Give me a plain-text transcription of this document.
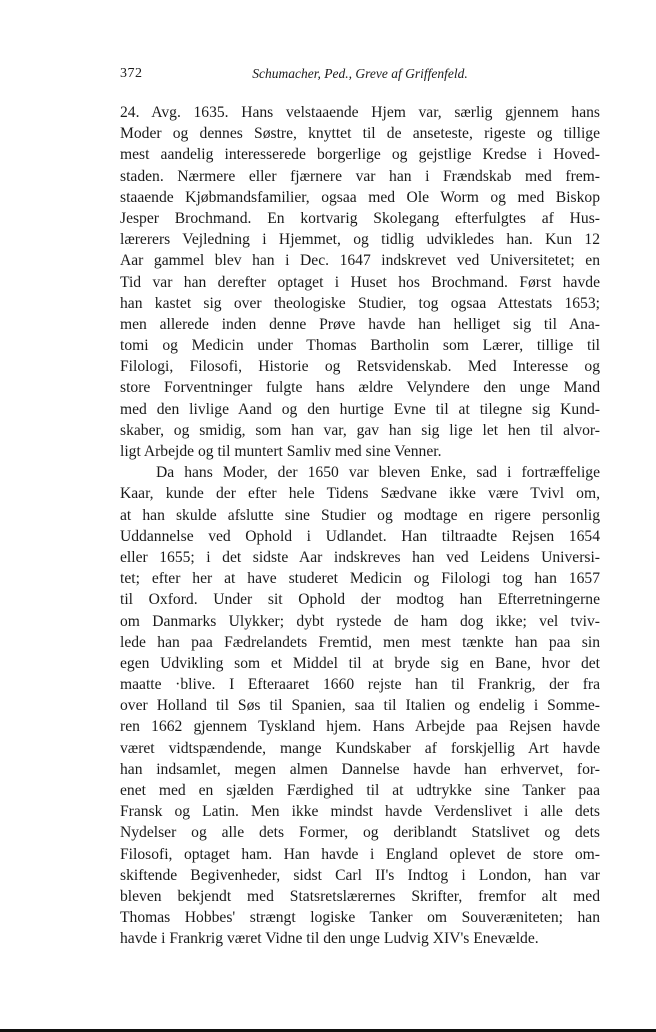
372	Schumacher, Ped., Greve af Griffenfeld.
24. Avg. 1635. Hans velstaaende Hjem var, særlig gjennem hans
Moder og dennes Søstre, knyttet til de anseteste, rigeste og tillige
mest aandelig interesserede borgerlige og gejstlige Kredse i Hoved-
staden. Nærmere eller fjærnere var han i Frændskab med frem-
staaende Kjøbmandsfamilier, ogsaa med Ole Worm og med Biskop
Jesper Brochmand. En kortvarig Skolegang efterfulgtes af Hus-
lærerers Vejledning i Hjemmet, og tidlig udvikledes han. Kun 12
Aar gammel blev han i Dec. 1647 indskrevet ved Universitetet; en
Tid var han derefter optaget i Huset hos Brochmand. Først havde
han kastet sig over theologiske Studier, tog ogsaa Attestats 1653;
men allerede inden denne Prøve havde han helliget sig til Ana-
tomi og Medicin under Thomas Bartholin som Lærer, tillige til
Filologi, Filosofi, Historie og Retsvidenskab. Med Interesse og
store Forventninger fulgte hans ældre Velyndere den unge Mand
med den livlige Aand og den hurtige Evne til at tilegne sig Kund-
skaber, og smidig, som han var, gav han sig lige let hen til alvor-
ligt Arbejde og til muntert Samliv med sine Venner.
Da hans Moder, der 1650 var bleven Enke, sad i fortræffelige
Kaar, kunde der efter hele Tidens Sædvane ikke være Tvivl om,
at han skulde afslutte sine Studier og modtage en rigere personlig
Uddannelse ved Ophold i Udlandet. Han tiltraadte Rejsen 1654
eller 1655; i det sidste Aar indskreves han ved Leidens Universi-
tet; efter her at have studeret Medicin og Filologi tog han 1657
til Oxford. Under sit Ophold der modtog han Efterretningerne
om Danmarks Ulykker; dybt rystede de ham dog ikke; vel tviv-
lede han paa Fædrelandets Fremtid, men mest tænkte han paa sin
egen Udvikling som et Middel til at bryde sig en Bane, hvor det
maatte ·blive. I Efteraaret 1660 rejste han til Frankrig, der fra
over Holland til Søs til Spanien, saa til Italien og endelig i Somme-
ren 1662 gjennem Tyskland hjem. Hans Arbejde paa Rejsen havde
været vidtspændende, mange Kundskaber af forskjellig Art havde
han indsamlet, megen almen Dannelse havde han erhvervet, for-
enet med en sjælden Færdighed til at udtrykke sine Tanker paa
Fransk og Latin. Men ikke mindst havde Verdenslivet i alle dets
Nydelser og alle dets Former, og deriblandt Statslivet og dets
Filosofi, optaget ham. Han havde i England oplevet de store om-
skiftende Begivenheder, sidst Carl II's Indtog i London, han var
bleven bekjendt med Statsretslærernes Skrifter, fremfor alt med
Thomas Hobbes' strængt logiske Tanker om Souveræniteten; han
havde i Frankrig været Vidne til den unge Ludvig XIV's Enevælde.
